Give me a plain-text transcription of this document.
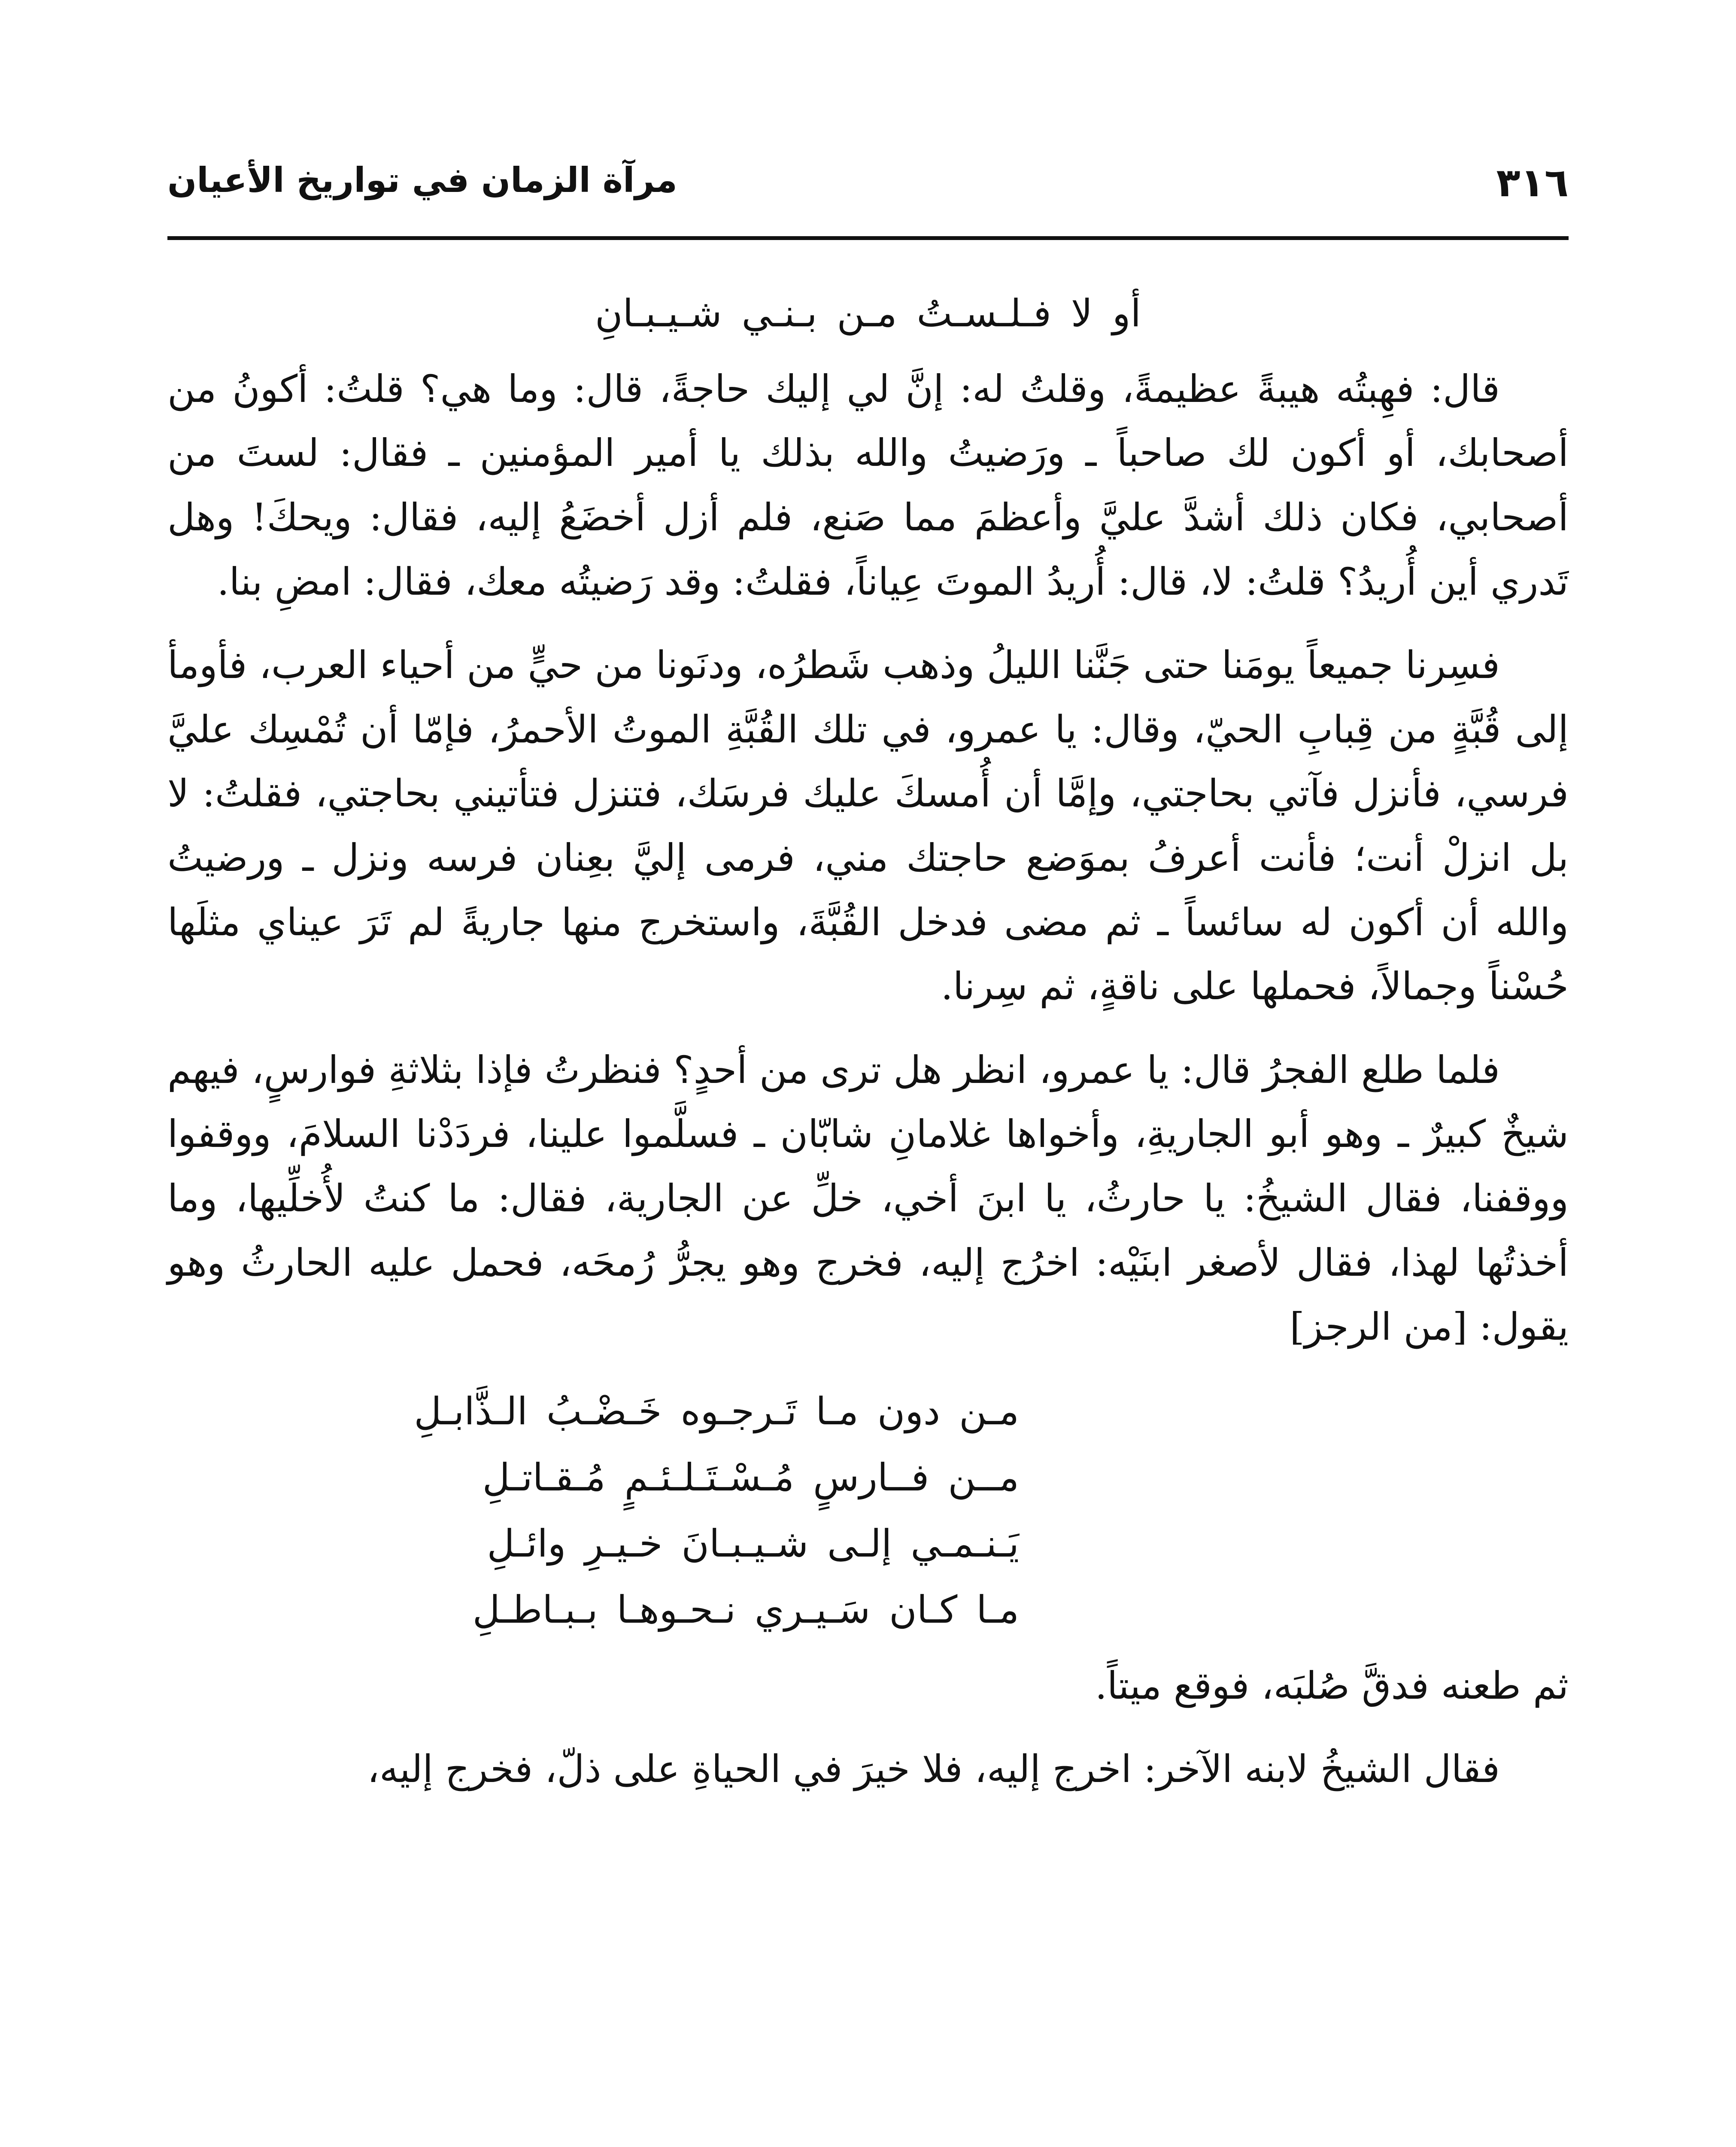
٣١٦
مرآة الزمان في تواريخ الأعيان
أو لا فـلـسـتُ مـن بـنـي شـيـبـانِ

قال: فهِبتُه هيبةً عظيمةً، وقلتُ له: إنَّ لي إليك حاجةً، قال: وما هي؟ قلتُ: أكونُ من أصحابك، أو أكون لك صاحباً ـ ورَضيتُ والله بذلك يا أمير المؤمنين ـ فقال: لستَ من أصحابي، فكان ذلك أشدَّ عليَّ وأعظمَ مما صَنع، فلم أزل أخضَعُ إليه، فقال: ويحكَ! وهل تَدري أين أُريدُ؟ قلتُ: لا، قال: أُريدُ الموتَ عِياناً، فقلتُ: وقد رَضيتُه معك، فقال: امضِ بنا.

فسِرنا جميعاً يومَنا حتى جَنَّنا الليلُ وذهب شَطرُه، ودنَونا من حيٍّ من أحياء العرب، فأومأ إلى قُبَّةٍ من قِبابِ الحيّ، وقال: يا عمرو، في تلك القُبَّةِ الموتُ الأحمرُ، فإمّا أن تُمْسِك عليَّ فرسي، فأنزل فآتي بحاجتي، وإمَّا أن أُمسكَ عليك فرسَك، فتنزل فتأتيني بحاجتي، فقلتُ: لا بل انزلْ أنت؛ فأنت أعرفُ بموَضع حاجتك مني، فرمى إليَّ بعِنان فرسه ونزل ـ ورضيتُ والله أن أكون له سائساً ـ ثم مضى فدخل القُبَّةَ، واستخرج منها جاريةً لم تَرَ عيناي مثلَها حُسْناً وجمالاً، فحملها على ناقةٍ، ثم سِرنا.

فلما طلع الفجرُ قال: يا عمرو، انظر هل ترى من أحدٍ؟ فنظرتُ فإذا بثلاثةِ فوارسٍ، فيهم شيخٌ كبيرٌ ـ وهو أبو الجاريةِ، وأخواها غلامانِ شابّان ـ فسلَّموا علينا، فردَدْنا السلامَ، ووقفوا ووقفنا، فقال الشيخُ: يا حارثُ، يا ابنَ أخي، خلِّ عن الجارية، فقال: ما كنتُ لأُخلِّيها، وما أخذتُها لهذا، فقال لأصغر ابنَيْه: اخرُج إليه، فخرج وهو يجرُّ رُمحَه، فحمل عليه الحارثُ وهو يقول: [من الرجز]

مـن دون مـا تَـرجـوه خَـضْـبُ الـذَّابـلِ
مــن فــارسٍ مُـسْـتَـلـئـمٍ مُـقـاتـلِ
يَـنـمـي إلـى شـيـبـانَ خـيـرِ وائـلِ
مـا كـان سَـيـري نـحـوهـا بـبـاطـلِ

ثم طعنه فدقَّ صُلبَه، فوقع ميتاً.

فقال الشيخُ لابنه الآخر: اخرج إليه، فلا خيرَ في الحياةِ على ذلّ، فخرج إليه،
